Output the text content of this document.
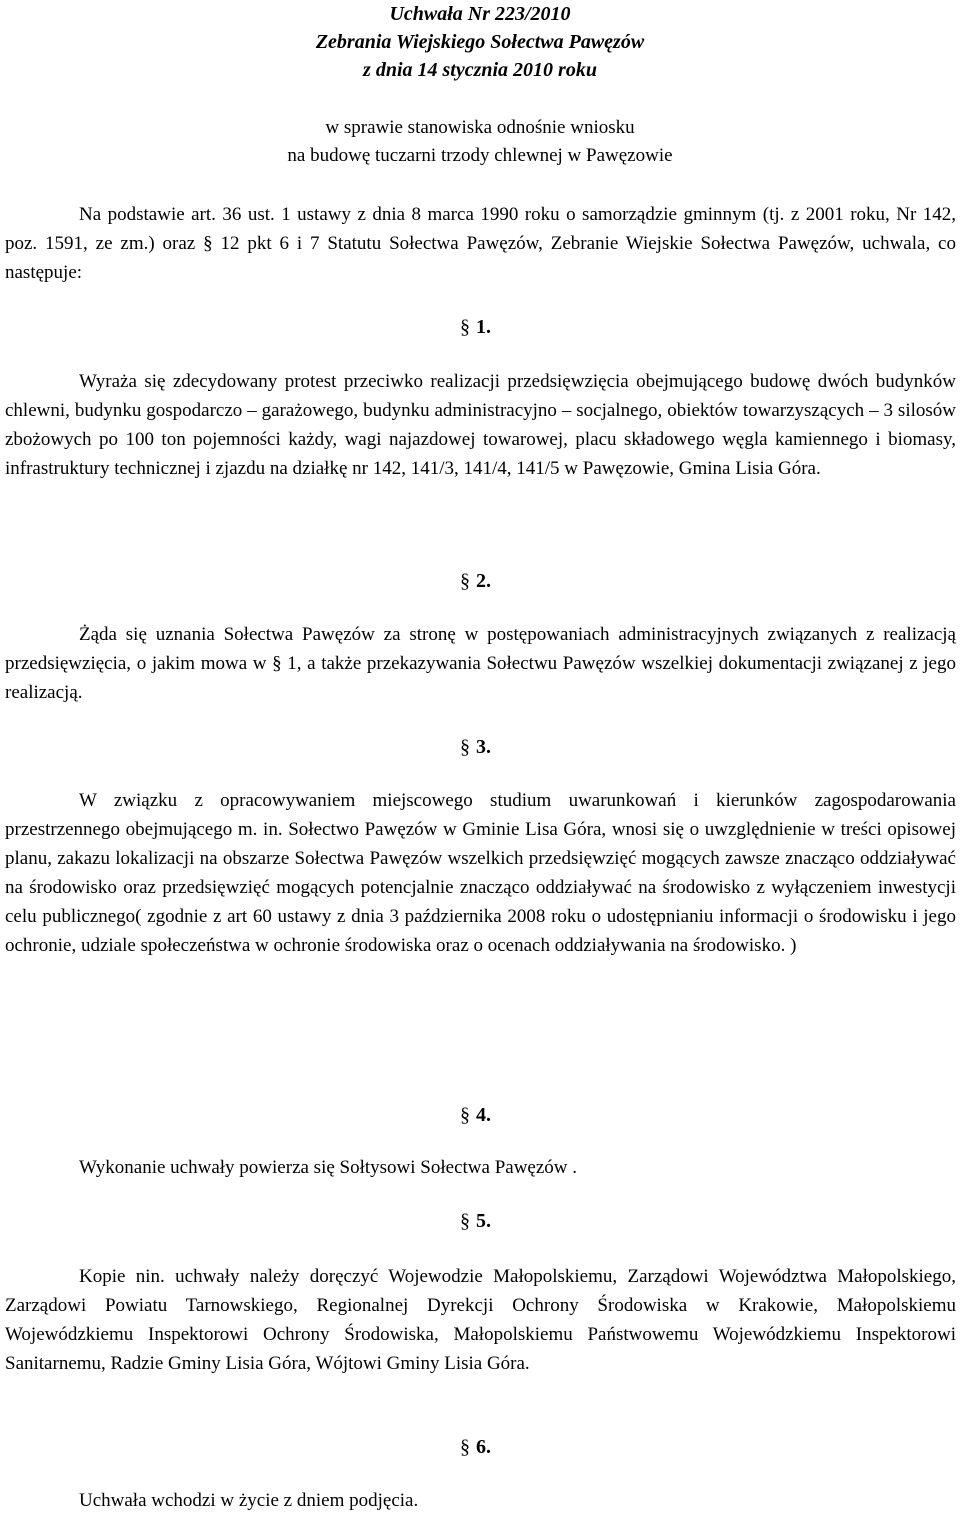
Uchwała Nr 223/2010
Zebrania Wiejskiego Sołectwa Pawęzów
z dnia 14 stycznia 2010 roku
w sprawie stanowiska odnośnie wniosku
na budowę tuczarni trzody chlewnej w Pawęzowie

Na podstawie art. 36 ust. 1 ustawy z dnia 8 marca 1990 roku o samorządzie gminnym (tj. z 2001 roku, Nr 142, poz. 1591, ze zm.) oraz § 12 pkt 6 i 7 Statutu Sołectwa Pawęzów, Zebranie Wiejskie Sołectwa Pawęzów, uchwala, co następuje:

§ 1.

Wyraża się zdecydowany protest przeciwko realizacji przedsięwzięcia obejmującego budowę dwóch budynków chlewni, budynku gospodarczo – garażowego, budynku administracyjno – socjalnego, obiektów towarzyszących – 3 silosów zbożowych po 100 ton pojemności każdy, wagi najazdowej towarowej, placu składowego węgla kamiennego i biomasy, infrastruktury technicznej i zjazdu na działkę nr 142, 141/3, 141/4, 141/5 w Pawęzowie, Gmina Lisia Góra.

§ 2.

Żąda się uznania Sołectwa Pawęzów za stronę w postępowaniach administracyjnych związanych z realizacją przedsięwzięcia, o jakim mowa w § 1, a także przekazywania Sołectwu Pawęzów wszelkiej dokumentacji związanej z jego realizacją.

§ 3.

W związku z opracowywaniem miejscowego studium uwarunkowań i kierunków zagospodarowania przestrzennego obejmującego m. in. Sołectwo Pawęzów w Gminie Lisa Góra, wnosi się o uwzględnienie w treści opisowej planu, zakazu lokalizacji na obszarze Sołectwa Pawęzów wszelkich przedsięwzięć mogących zawsze znacząco oddziaływać na środowisko oraz przedsięwzięć mogących potencjalnie znacząco oddziaływać na środowisko z wyłączeniem inwestycji celu publicznego( zgodnie z art 60 ustawy z dnia 3 października 2008 roku o udostępnianiu informacji o środowisku i jego ochronie, udziale społeczeństwa w ochronie środowiska oraz o ocenach oddziaływania na środowisko. )

§ 4.

Wykonanie uchwały powierza się Sołtysowi Sołectwa Pawęzów .

§ 5.

Kopie nin. uchwały należy doręczyć Wojewodzie Małopolskiemu, Zarządowi Województwa Małopolskiego, Zarządowi Powiatu Tarnowskiego, Regionalnej Dyrekcji Ochrony Środowiska w Krakowie, Małopolskiemu Wojewódzkiemu Inspektorowi Ochrony Środowiska, Małopolskiemu Państwowemu Wojewódzkiemu Inspektorowi Sanitarnemu, Radzie Gminy Lisia Góra, Wójtowi Gminy Lisia Góra.

§ 6.

Uchwała wchodzi w życie z dniem podjęcia.
